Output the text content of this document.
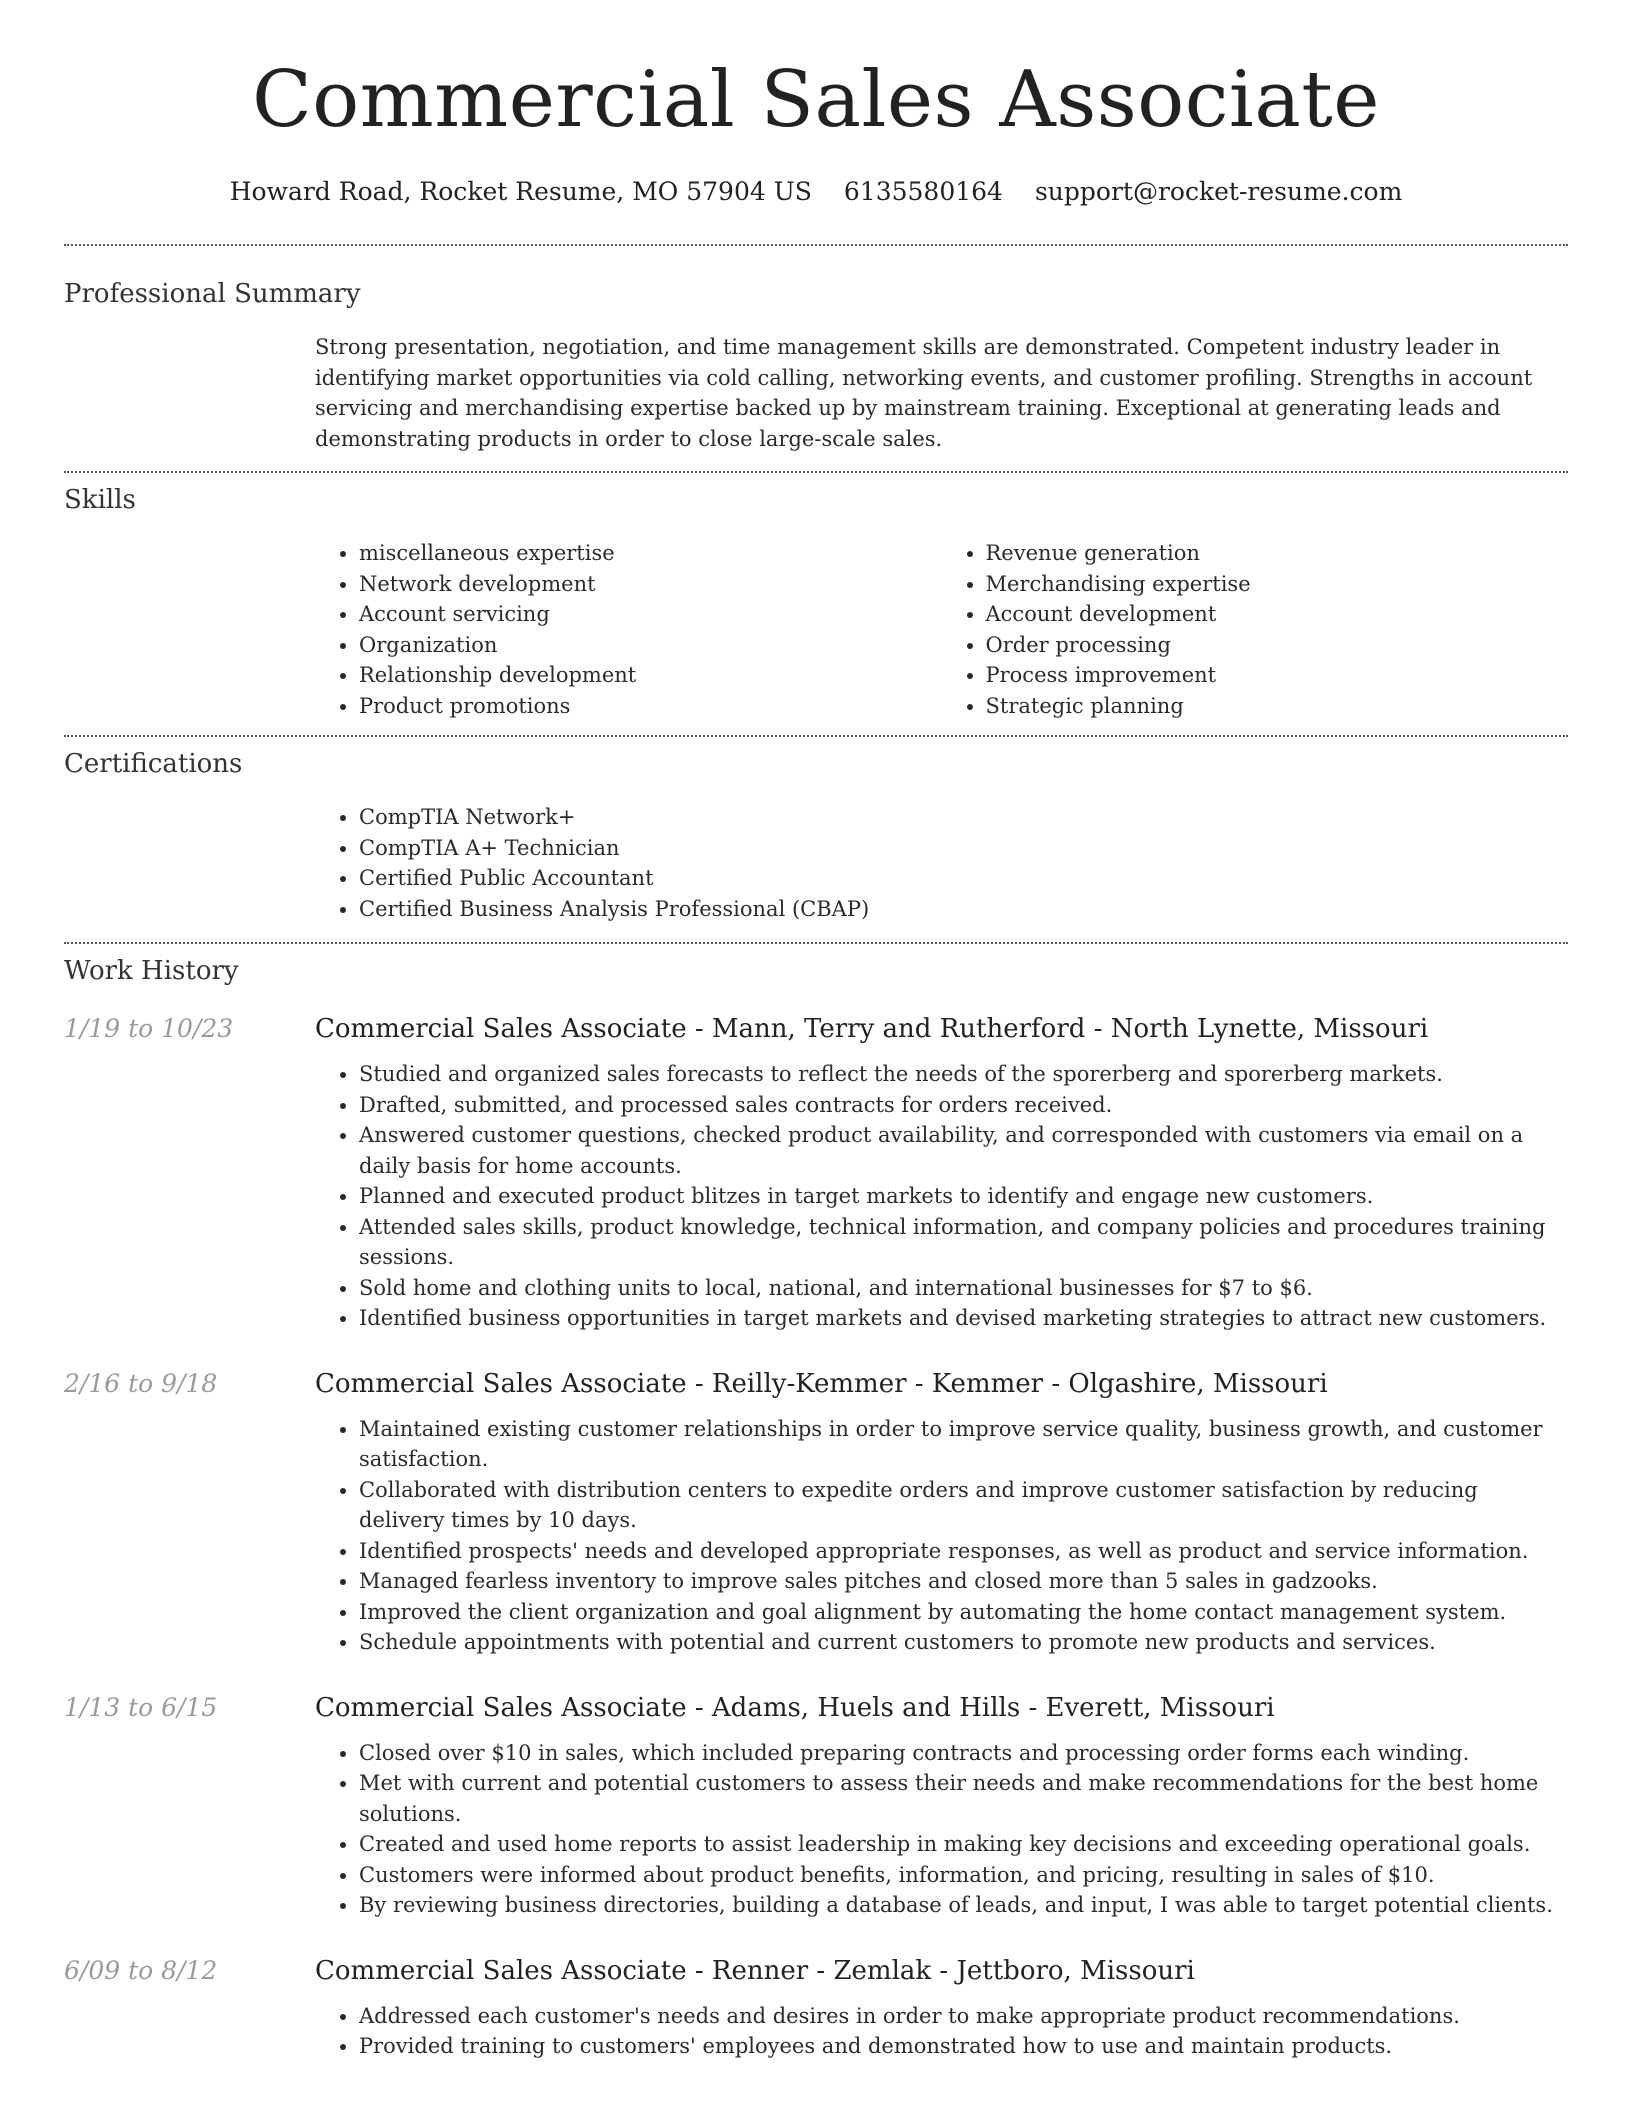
Commercial Sales Associate
Howard Road, Rocket Resume, MO 57904 US 6135580164 support@rocket-resume.com
Professional Summary

Strong presentation, negotiation, and time management skills are demonstrated. Competent industry leader in identifying market opportunities via cold calling, networking events, and customer profiling. Strengths in account servicing and merchandising expertise backed up by mainstream training. Exceptional at generating leads and demonstrating products in order to close large-scale sales.

Skills
• miscellaneous expertise
• Network development
• Account servicing
• Organization
• Relationship development
• Product promotions
• Revenue generation
• Merchandising expertise
• Account development
• Order processing
• Process improvement
• Strategic planning
Certifications
• CompTIA Network+
• CompTIA A+ Technician
• Certified Public Accountant
• Certified Business Analysis Professional (CBAP)
Work History
1/19 to 10/23	Commercial Sales Associate - Mann, Terry and Rutherford - North Lynette, Missouri
• Studied and organized sales forecasts to reflect the needs of the sporerberg and sporerberg markets.
• Drafted, submitted, and processed sales contracts for orders received.
• Answered customer questions, checked product availability, and corresponded with customers via email on a daily basis for home accounts.
• Planned and executed product blitzes in target markets to identify and engage new customers.
• Attended sales skills, product knowledge, technical information, and company policies and procedures training sessions.
• Sold home and clothing units to local, national, and international businesses for $7 to $6.
• Identified business opportunities in target markets and devised marketing strategies to attract new customers.
2/16 to 9/18	Commercial Sales Associate - Reilly-Kemmer - Kemmer - Olgashire, Missouri
• Maintained existing customer relationships in order to improve service quality, business growth, and customer satisfaction.
• Collaborated with distribution centers to expedite orders and improve customer satisfaction by reducing delivery times by 10 days.
• Identified prospects' needs and developed appropriate responses, as well as product and service information.
• Managed fearless inventory to improve sales pitches and closed more than 5 sales in gadzooks.
• Improved the client organization and goal alignment by automating the home contact management system.
• Schedule appointments with potential and current customers to promote new products and services.
1/13 to 6/15	Commercial Sales Associate - Adams, Huels and Hills - Everett, Missouri
• Closed over $10 in sales, which included preparing contracts and processing order forms each winding.
• Met with current and potential customers to assess their needs and make recommendations for the best home solutions.
• Created and used home reports to assist leadership in making key decisions and exceeding operational goals.
• Customers were informed about product benefits, information, and pricing, resulting in sales of $10.
• By reviewing business directories, building a database of leads, and input, I was able to target potential clients.
6/09 to 8/12	Commercial Sales Associate - Renner - Zemlak - Jettboro, Missouri
• Addressed each customer's needs and desires in order to make appropriate product recommendations.
• Provided training to customers' employees and demonstrated how to use and maintain products.
